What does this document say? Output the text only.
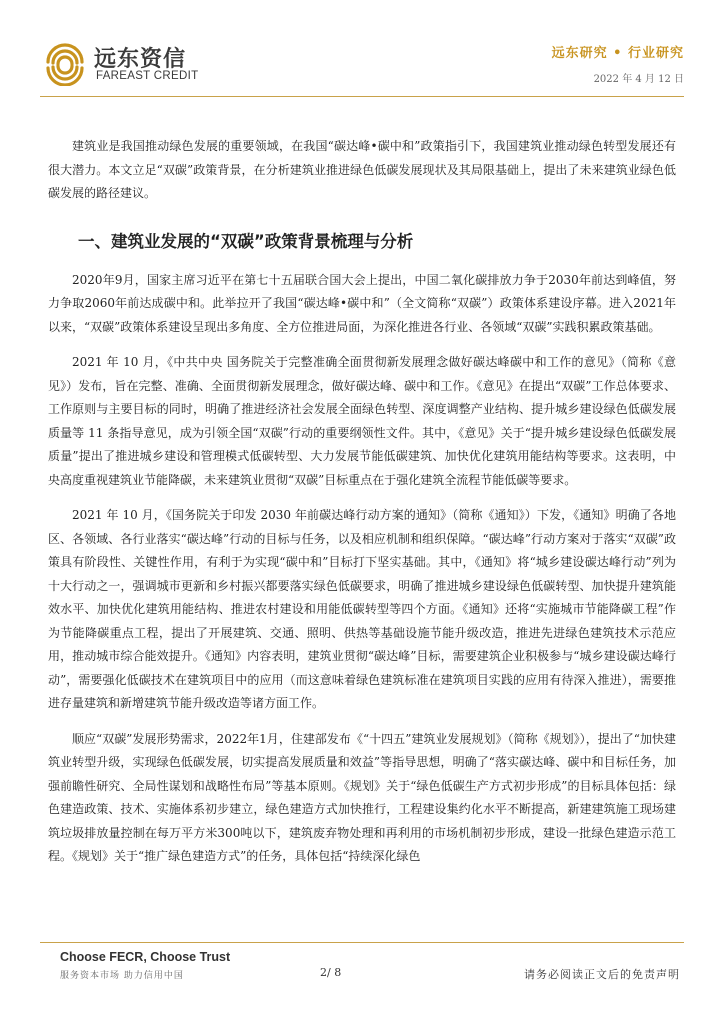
远东资信
FAREAST CREDIT
远东研究 • 行业研究
2022 年 4 月 12 日

建筑业是我国推动绿色发展的重要领域，在我国“碳达峰•碳中和”政策指引下，我国建筑业推动绿色转型发展还有很大潜力。本文立足“双碳”政策背景，在分析建筑业推进绿色低碳发展现状及其局限基础上，提出了未来建筑业绿色低碳发展的路径建议。

一、建筑业发展的“双碳”政策背景梳理与分析

2020年9月，国家主席习近平在第七十五届联合国大会上提出，中国二氧化碳排放力争于2030年前达到峰值，努力争取2060年前达成碳中和。此举拉开了我国“碳达峰•碳中和”（全文简称“双碳”）政策体系建设序幕。进入2021年以来，“双碳”政策体系建设呈现出多角度、全方位推进局面，为深化推进各行业、各领域“双碳”实践积累政策基础。

2021 年 10 月，《中共中央 国务院关于完整准确全面贯彻新发展理念做好碳达峰碳中和工作的意见》（简称《意见》）发布，旨在完整、准确、全面贯彻新发展理念，做好碳达峰、碳中和工作。《意见》在提出“双碳”工作总体要求、工作原则与主要目标的同时，明确了推进经济社会发展全面绿色转型、深度调整产业结构、提升城乡建设绿色低碳发展质量等 11 条指导意见，成为引领全国“双碳”行动的重要纲领性文件。其中，《意见》关于“提升城乡建设绿色低碳发展质量”提出了推进城乡建设和管理模式低碳转型、大力发展节能低碳建筑、加快优化建筑用能结构等要求。这表明，中央高度重视建筑业节能降碳，未来建筑业贯彻“双碳”目标重点在于强化建筑全流程节能低碳等要求。

2021 年 10 月，《国务院关于印发 2030 年前碳达峰行动方案的通知》（简称《通知》）下发，《通知》明确了各地区、各领域、各行业落实“碳达峰”行动的目标与任务，以及相应机制和组织保障。“碳达峰”行动方案对于落实“双碳”政策具有阶段性、关键性作用，有利于为实现“碳中和”目标打下坚实基础。其中，《通知》将“城乡建设碳达峰行动”列为十大行动之一，强调城市更新和乡村振兴都要落实绿色低碳要求，明确了推进城乡建设绿色低碳转型、加快提升建筑能效水平、加快优化建筑用能结构、推进农村建设和用能低碳转型等四个方面。《通知》还将“实施城市节能降碳工程”作为节能降碳重点工程，提出了开展建筑、交通、照明、供热等基础设施节能升级改造，推进先进绿色建筑技术示范应用，推动城市综合能效提升。《通知》内容表明，建筑业贯彻“碳达峰”目标，需要建筑企业积极参与“城乡建设碳达峰行动”，需要强化低碳技术在建筑项目中的应用（而这意味着绿色建筑标准在建筑项目实践的应用有待深入推进），需要推进存量建筑和新增建筑节能升级改造等诸方面工作。

顺应“双碳”发展形势需求，2022年1月，住建部发布《“十四五”建筑业发展规划》（简称《规划》），提出了“加快建筑业转型升级，实现绿色低碳发展，切实提高发展质量和效益”等指导思想，明确了“落实碳达峰、碳中和目标任务，加强前瞻性研究、全局性谋划和战略性布局”等基本原则。《规划》关于“绿色低碳生产方式初步形成”的目标具体包括：绿色建造政策、技术、实施体系初步建立，绿色建造方式加快推行，工程建设集约化水平不断提高，新建建筑施工现场建筑垃圾排放量控制在每万平方米300吨以下，建筑废弃物处理和再利用的市场机制初步形成，建设一批绿色建造示范工程。《规划》关于“推广绿色建造方式”的任务，具体包括“持续深化绿色

Choose FECR, Choose Trust
服务资本市场 助力信用中国	2/ 8	请务必阅读正文后的免责声明
